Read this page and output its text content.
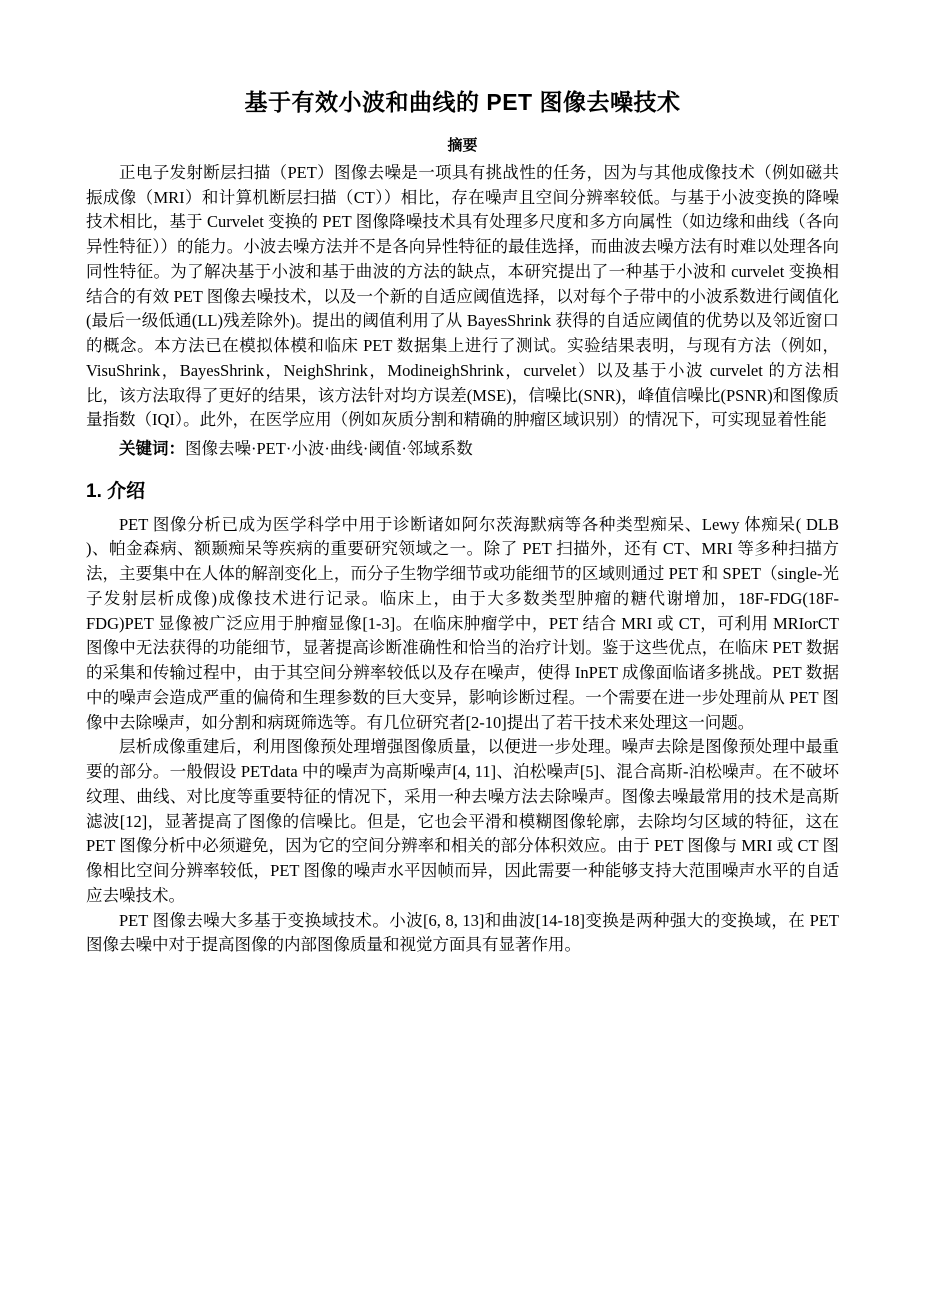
基于有效小波和曲线的 PET 图像去噪技术
摘要

正电子发射断层扫描（PET）图像去噪是一项具有挑战性的任务，因为与其他成像技术（例如磁共振成像（MRI）和计算机断层扫描（CT））相比，存在噪声且空间分辨率较低。与基于小波变换的降噪技术相比，基于 Curvelet 变换的 PET 图像降噪技术具有处理多尺度和多方向属性（如边缘和曲线（各向异性特征））的能力。小波去噪方法并不是各向异性特征的最佳选择，而曲波去噪方法有时难以处理各向同性特征。为了解决基于小波和基于曲波的方法的缺点，本研究提出了一种基于小波和 curvelet 变换相结合的有效 PET 图像去噪技术，以及一个新的自适应阈值选择，以对每个子带中的小波系数进行阈值化(最后一级低通(LL)残差除外)。提出的阈值利用了从 BayesShrink 获得的自适应阈值的优势以及邻近窗口的概念。本方法已在模拟体模和临床 PET 数据集上进行了测试。实验结果表明，与现有方法（例如，VisuShrink，BayesShrink，NeighShrink，ModineighShrink，curvelet）以及基于小波 curvelet 的方法相比，该方法取得了更好的结果，该方法针对均方误差(MSE)，信噪比(SNR)，峰值信噪比(PSNR)和图像质量指数（IQI）。此外，在医学应用（例如灰质分割和精确的肿瘤区域识别）的情况下，可实现显着性能

关键词：图像去噪·PET·小波·曲线·阈值·邻域系数

1. 介绍

PET 图像分析已成为医学科学中用于诊断诸如阿尔茨海默病等各种类型痴呆、Lewy 体痴呆( DLB )、帕金森病、额颞痴呆等疾病的重要研究领域之一。除了 PET 扫描外，还有 CT、MRI 等多种扫描方法，主要集中在人体的解剖变化上，而分子生物学细节或功能细节的区域则通过 PET 和 SPET（single-光子发射层析成像)成像技术进行记录。临床上，由于大多数类型肿瘤的糖代谢增加，18F-FDG(18F-FDG)PET 显像被广泛应用于肿瘤显像[1-3]。在临床肿瘤学中，PET 结合 MRI 或 CT，可利用 MRIorCT 图像中无法获得的功能细节，显著提高诊断准确性和恰当的治疗计划。鉴于这些优点，在临床 PET 数据的采集和传输过程中，由于其空间分辨率较低以及存在噪声，使得 InPET 成像面临诸多挑战。PET 数据中的噪声会造成严重的偏倚和生理参数的巨大变异，影响诊断过程。一个需要在进一步处理前从 PET 图像中去除噪声，如分割和病斑筛选等。有几位研究者[2-10]提出了若干技术来处理这一问题。

层析成像重建后，利用图像预处理增强图像质量，以便进一步处理。噪声去除是图像预处理中最重要的部分。一般假设 PETdata 中的噪声为高斯噪声[4, 11]、泊松噪声[5]、混合高斯-泊松噪声。在不破坏纹理、曲线、对比度等重要特征的情况下，采用一种去噪方法去除噪声。图像去噪最常用的技术是高斯滤波[12]，显著提高了图像的信噪比。但是，它也会平滑和模糊图像轮廓，去除均匀区域的特征，这在 PET 图像分析中必须避免，因为它的空间分辨率和相关的部分体积效应。由于 PET 图像与 MRI 或 CT 图像相比空间分辨率较低，PET 图像的噪声水平因帧而异，因此需要一种能够支持大范围噪声水平的自适应去噪技术。

PET 图像去噪大多基于变换域技术。小波[6, 8, 13]和曲波[14-18]变换是两种强大的变换域，在 PET 图像去噪中对于提高图像的内部图像质量和视觉方面具有显著作用。
